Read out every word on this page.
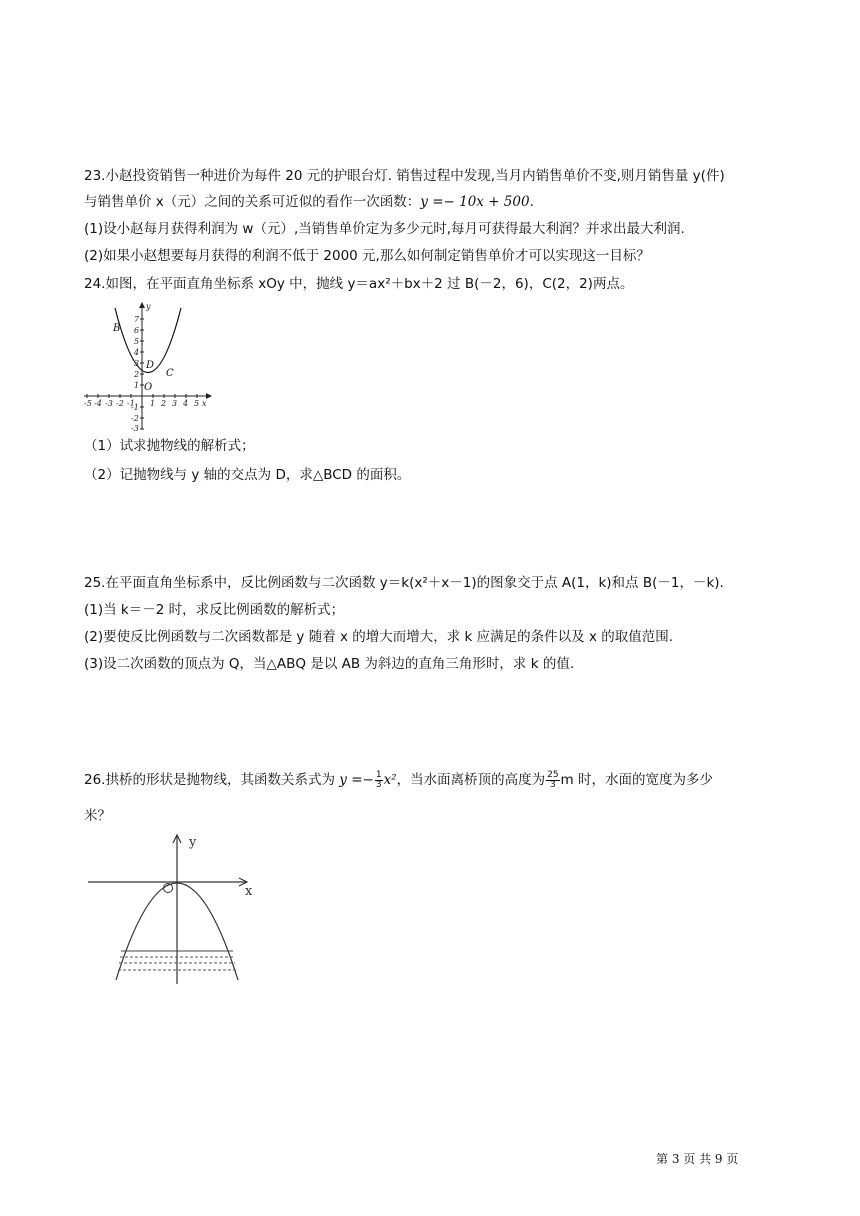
23.小赵投资销售一种进价为每件 20 元的护眼台灯. 销售过程中发现,当月内销售单价不变,则月销售量 y(件)
与销售单价 x（元）之间的关系可近似的看作一次函数：y =− 10x + 500.
(1)设小赵每月获得利润为 w（元）,当销售单价定为多少元时,每月可获得最大利润？并求出最大利润.
(2)如果小赵想要每月获得的利润不低于 2000 元,那么如何制定销售单价才可以实现这一目标？
24.如图，在平面直角坐标系 xOy 中，抛线 y＝ax²＋bx＋2 过 B(－2，6)，C(2，2)两点。
-5 -4 -3 -2 -1 1 2 3 4 5 x
y
7
6
5
4
3
2
1
-1
-2
-3
B
D
C
O
（1）试求抛物线的解析式；
（2）记抛物线与 y 轴的交点为 D，求△BCD 的面积。
25.在平面直角坐标系中，反比例函数与二次函数 y＝k(x²＋x－1)的图象交于点 A(1，k)和点 B(－1，－k).
(1)当 k＝－2 时，求反比例函数的解析式；
(2)要使反比例函数与二次函数都是 y 随着 x 的增大而增大，求 k 应满足的条件以及 x 的取值范围.
(3)设二次函数的顶点为 Q，当△ABQ 是以 AB 为斜边的直角三角形时，求 k 的值.
26.拱桥的形状是抛物线，其函数关系式为 $y =- \frac{1}{3} x^2$，当水面离桥顶的高度为 $\frac{25}{3}$ m 时，水面的宽度为多少
米？
x
y
O
第 3 页 共 9 页
